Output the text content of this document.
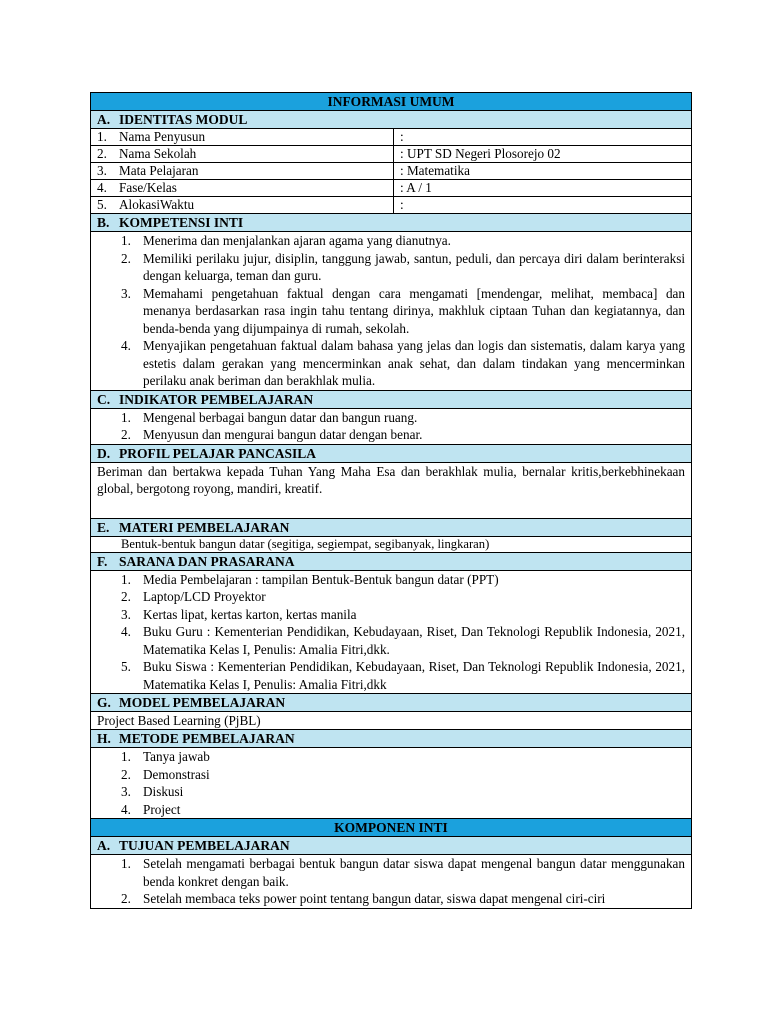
INFORMASI UMUM
A. IDENTITAS MODUL
1. Nama Penyusun	:
2. Nama Sekolah	: UPT SD Negeri Plosorejo 02
3. Mata Pelajaran	: Matematika
4. Fase/Kelas	: A / 1
5. AlokasiWaktu	:
B. KOMPETENSI INTI
1. Menerima dan menjalankan ajaran agama yang dianutnya.
2. Memiliki perilaku jujur, disiplin, tanggung jawab, santun, peduli, dan percaya diri dalam berinteraksi dengan keluarga, teman dan guru.
3. Memahami pengetahuan faktual dengan cara mengamati [mendengar, melihat, membaca] dan menanya berdasarkan rasa ingin tahu tentang dirinya, makhluk ciptaan Tuhan dan kegiatannya, dan benda-benda yang dijumpainya di rumah, sekolah.
4. Menyajikan pengetahuan faktual dalam bahasa yang jelas dan logis dan sistematis, dalam karya yang estetis dalam gerakan yang mencerminkan anak sehat, dan dalam tindakan yang mencerminkan perilaku anak beriman dan berakhlak mulia.
C. INDIKATOR PEMBELAJARAN
1. Mengenal berbagai bangun datar dan bangun ruang.
2. Menyusun dan mengurai bangun datar dengan benar.
D. PROFIL PELAJAR PANCASILA
Beriman dan bertakwa kepada Tuhan Yang Maha Esa dan berakhlak mulia, bernalar kritis,berkebhinekaan global, bergotong royong, mandiri, kreatif.
E. MATERI PEMBELAJARAN
Bentuk-bentuk bangun datar (segitiga, segiempat, segibanyak, lingkaran)
F. SARANA DAN PRASARANA
1. Media Pembelajaran : tampilan Bentuk-Bentuk bangun datar (PPT)
2. Laptop/LCD Proyektor
3. Kertas lipat, kertas karton, kertas manila
4. Buku Guru : Kementerian Pendidikan, Kebudayaan, Riset, Dan Teknologi Republik Indonesia, 2021, Matematika Kelas I, Penulis: Amalia Fitri,dkk.
5. Buku Siswa : Kementerian Pendidikan, Kebudayaan, Riset, Dan Teknologi Republik Indonesia, 2021, Matematika Kelas I, Penulis: Amalia Fitri,dkk
G. MODEL PEMBELAJARAN
Project Based Learning (PjBL)
H. METODE PEMBELAJARAN
1. Tanya jawab
2. Demonstrasi
3. Diskusi
4. Project
KOMPONEN INTI
A. TUJUAN PEMBELAJARAN
1. Setelah mengamati berbagai bentuk bangun datar siswa dapat mengenal bangun datar menggunakan benda konkret dengan baik.
2. Setelah membaca teks power point tentang bangun datar, siswa dapat mengenal ciri-ciri
